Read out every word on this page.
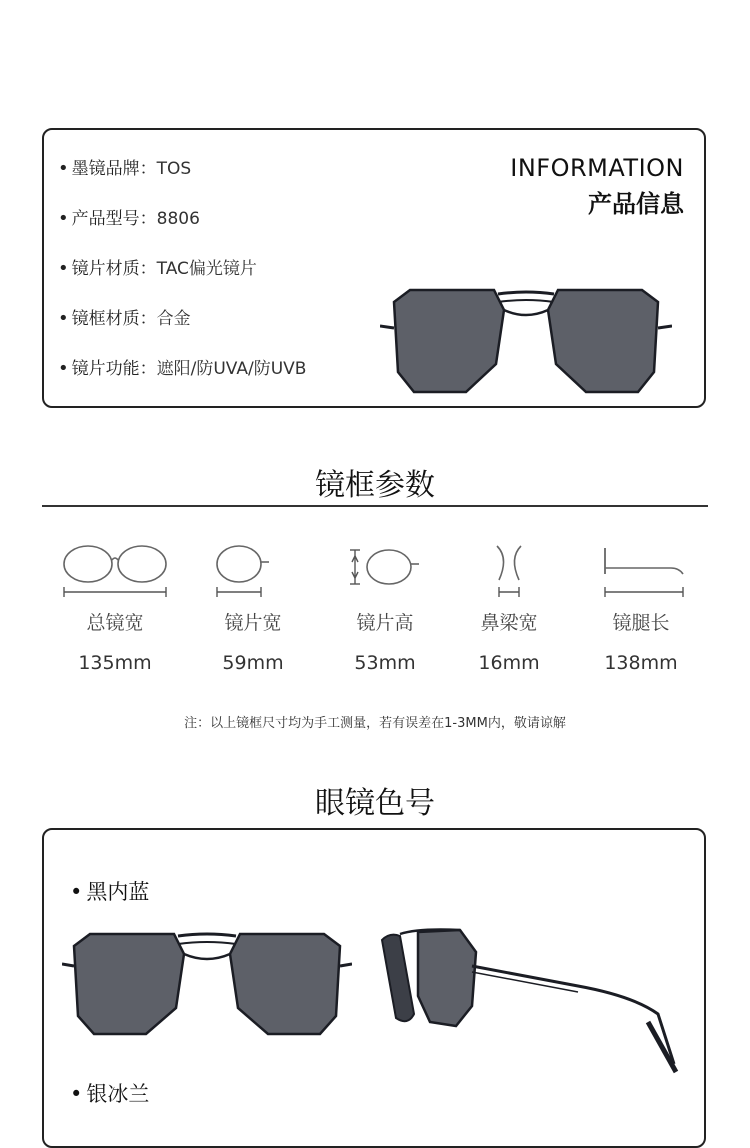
• 墨镜品牌： TOS
• 产品型号： 8806
• 镜片材质： TAC偏光镜片
• 镜框材质： 合金
• 镜片功能： 遮阳/防UVA/防UVB
INFORMATION
产品信息
镜框参数
总镜宽
135mm
镜片宽
59mm
镜片高
53mm
鼻梁宽
16mm
镜腿长
138mm
注：以上镜框尺寸均为手工测量，若有误差在1-3MM内，敬请谅解
眼镜色号
• 黑内蓝
• 银冰兰
